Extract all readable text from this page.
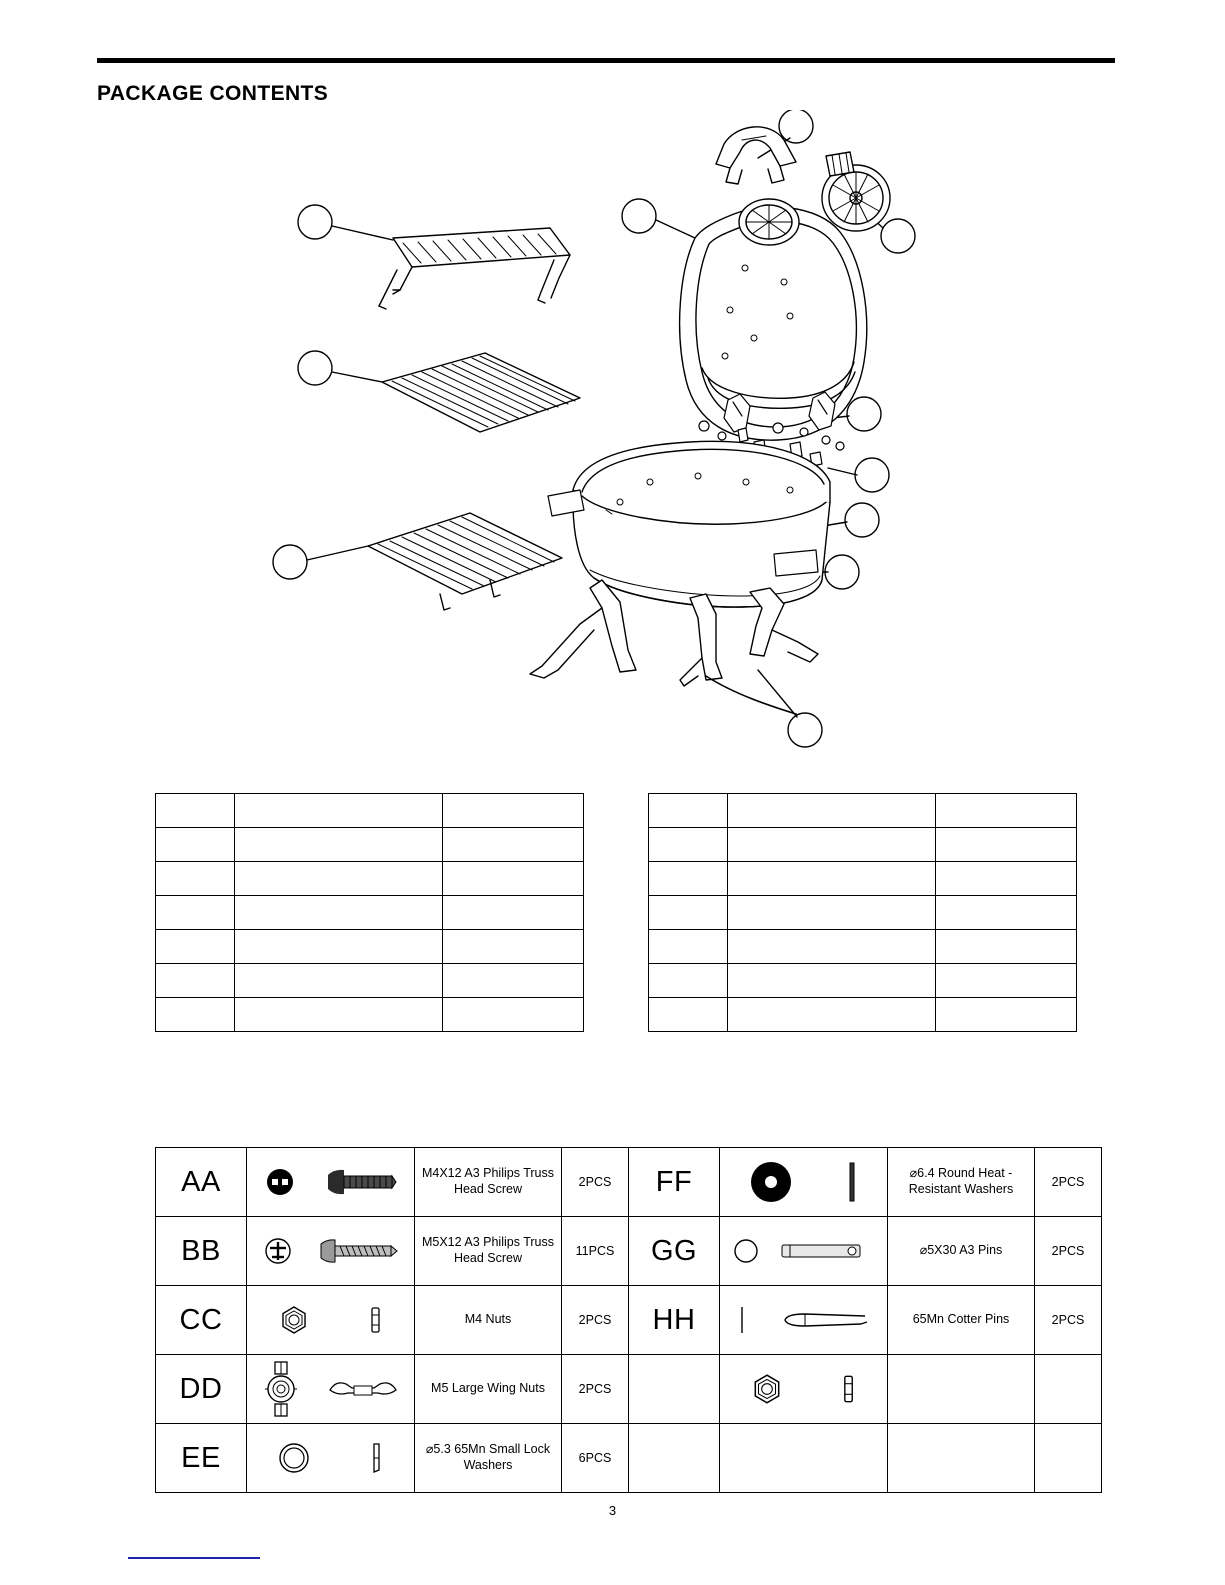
PACKAGE CONTENTS

AA		M4X12 A3 Philips Truss Head Screw	2PCS	FF		⌀6.4 Round Heat - Resistant Washers	2PCS
BB		M5X12 A3 Philips Truss Head Screw	11PCS	GG		⌀5X30 A3 Pins	2PCS
CC		M4 Nuts	2PCS	HH		65Mn Cotter Pins	2PCS
DD		M5 Large Wing Nuts	2PCS		

EE		⌀5.3 65Mn Small Lock Washers	6PCS				
3
